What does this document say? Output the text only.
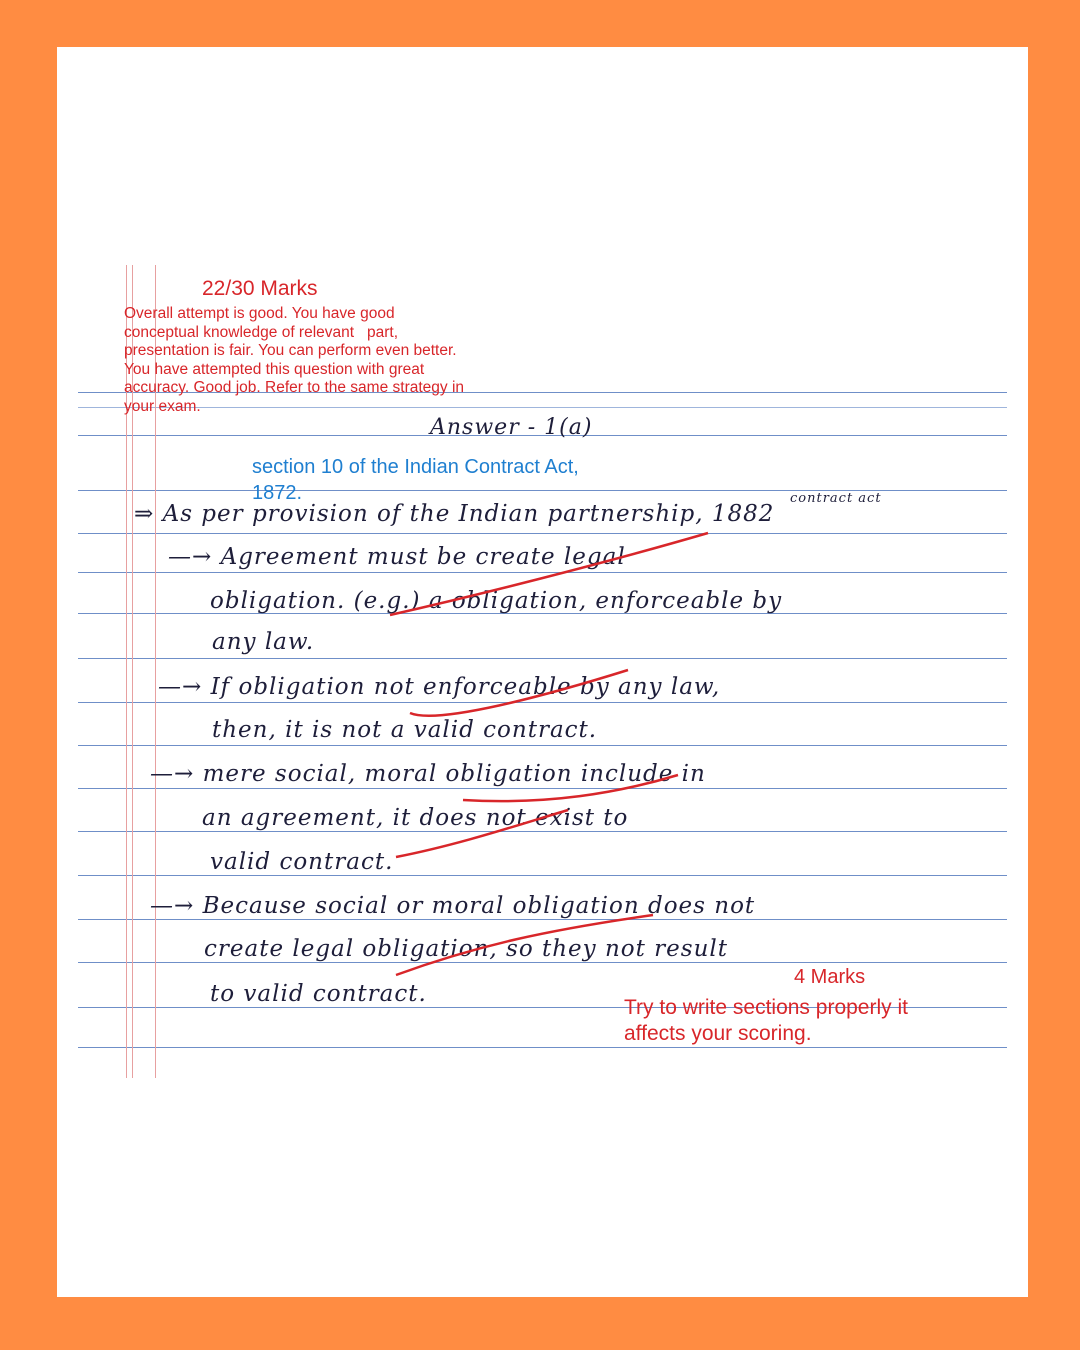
22/30 Marks
Overall attempt is good. You have good
conceptual knowledge of relevant   part,
presentation is fair. You can perform even better.
You have attempted this question with great
accuracy. Good job. Refer to the same strategy in
your exam.
Answer - 1(a)
section 10 of the Indian Contract Act,
1872.	contract act
⇒ As per provision of the Indian partnership, 1882
—→ Agreement must be create legal
obligation. (e.g.) a obligation, enforceable by
any law.
—→ If obligation not enforceable by any law,
then, it is not a valid contract.
—→ mere social, moral obligation include in
an agreement, it does not exist to
valid contract.
—→ Because social or moral obligation does not
create legal obligation, so they not result
to valid contract.
4 Marks
Try to write sections properly it
affects your scoring.
